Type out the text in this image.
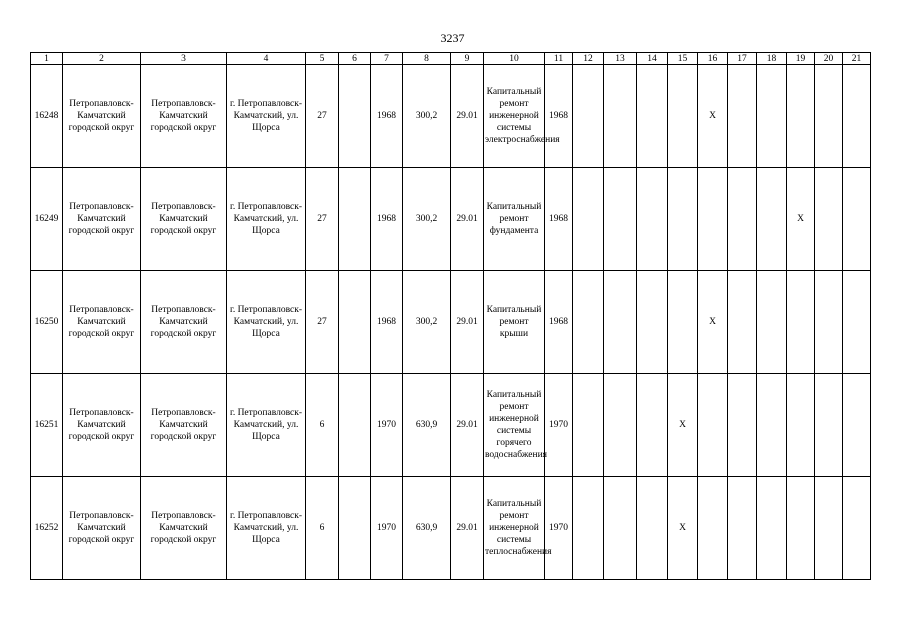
3237
1	2	3	4	5	6	7	8	9	10	11	12	13	14	15	16	17	18	19	20	21
16248	Петропавловск-Камчатский городской округ	Петропавловск-Камчатский городской округ	г. Петропавловск-Камчатский, ул. Щорса	27		1968	300,2	29.01	Капитальный ремонт инженерной системы электроснабжения	1968					Х					
16249	Петропавловск-Камчатский городской округ	Петропавловск-Камчатский городской округ	г. Петропавловск-Камчатский, ул. Щорса	27		1968	300,2	29.01	Капитальный ремонт фундамента	1968								Х		
16250	Петропавловск-Камчатский городской округ	Петропавловск-Камчатский городской округ	г. Петропавловск-Камчатский, ул. Щорса	27		1968	300,2	29.01	Капитальный ремонт крыши	1968					Х					
16251	Петропавловск-Камчатский городской округ	Петропавловск-Камчатский городской округ	г. Петропавловск-Камчатский, ул. Щорса	6		1970	630,9	29.01	Капитальный ремонт инженерной системы горячего водоснабжения	1970				Х						
16252	Петропавловск-Камчатский городской округ	Петропавловск-Камчатский городской округ	г. Петропавловск-Камчатский, ул. Щорса	6		1970	630,9	29.01	Капитальный ремонт инженерной системы теплоснабжения	1970				Х						
